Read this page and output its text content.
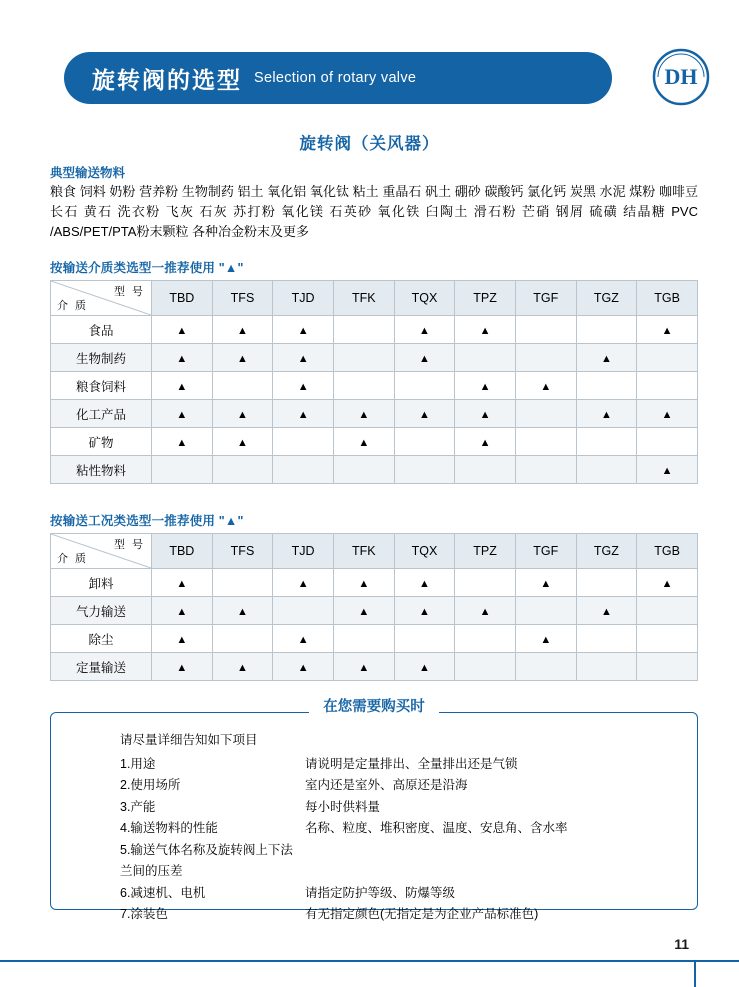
旋转阀的选型 Selection of rotary valve	DH
旋转阀（关风器）
典型输送物料
粮食 饲料 奶粉 营养粉 生物制药 铝土 氧化铝 氧化钛 粘土 重晶石 矾土 硼砂 碳酸钙 氯化钙 炭黑 水泥 煤粉 咖啡豆 长石 黄石 洗衣粉 飞灰 石灰 苏打粉 氧化镁 石英砂 氧化铁 臼陶土 滑石粉 芒硝 钢屑 硫磺 结晶糖 PVC /ABS/PET/PTA粉末颗粒 各种冶金粉末及更多
按输送介质类选型一推荐使用 "▲"
型 号
介 质	TBD	TFS	TJD	TFK	TQX	TPZ	TGF	TGZ	TGB
食品	▲	▲	▲		▲	▲			▲
生物制药	▲	▲	▲		▲			▲	
粮食饲料	▲		▲			▲	▲		
化工产品	▲	▲	▲	▲	▲	▲		▲	▲
矿物	▲	▲		▲		▲			
粘性物料									▲
按输送工况类选型一推荐使用 "▲"
型 号
介 质	TBD	TFS	TJD	TFK	TQX	TPZ	TGF	TGZ	TGB
卸料	▲		▲	▲	▲		▲		▲
气力输送	▲	▲		▲	▲	▲		▲	
除尘	▲		▲				▲		
定量输送	▲	▲	▲	▲	▲				
在您需要购买时
请尽量详细告知如下项目
1.用途	请说明是定量排出、全量排出还是气锁
2.使用场所	室内还是室外、高原还是沿海
3.产能	每小时供料量
4.输送物料的性能	名称、粒度、堆积密度、温度、安息角、含水率
5.输送气体名称及旋转阀上下法兰间的压差
6.减速机、电机	请指定防护等级、防爆等级
7.涂装色	有无指定颜色(无指定是为企业产品标准色)
11
